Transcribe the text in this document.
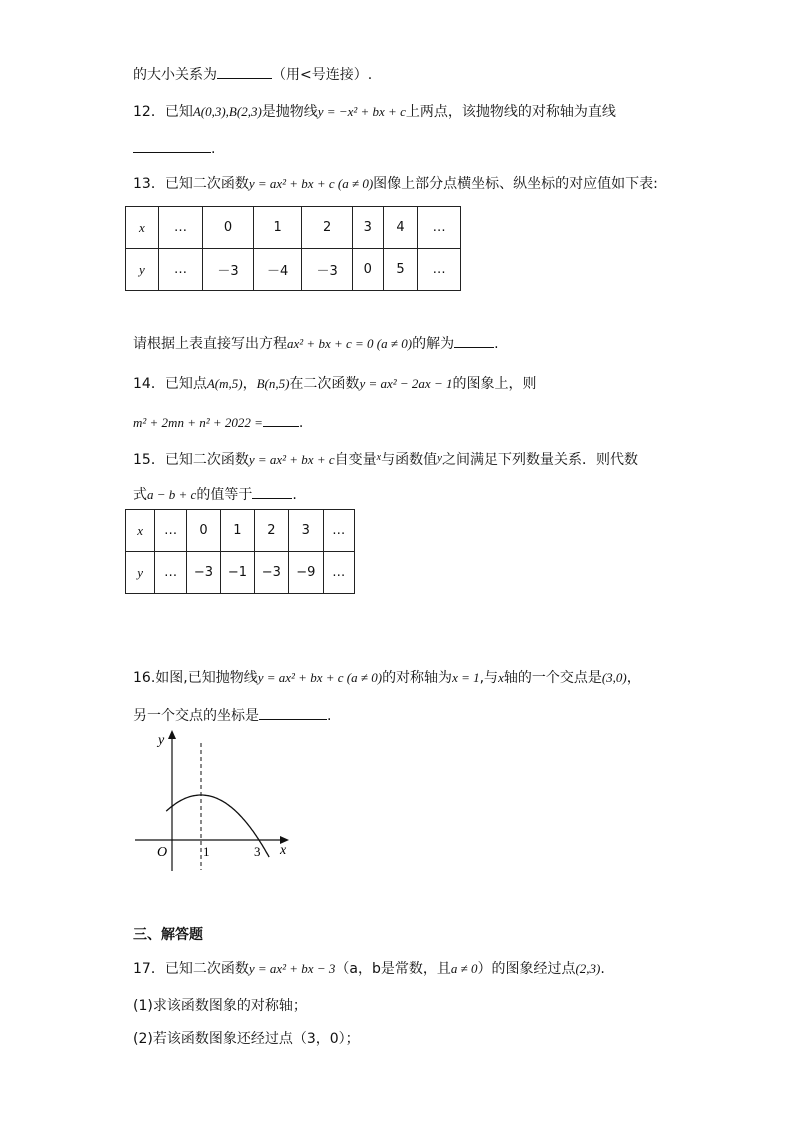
的大小关系为	（用<号连接）.
12．已知A(0,3),B(2,3)是抛物线y = −x² + bx + c上两点，该抛物线的对称轴为直线
.
13．已知二次函数y = ax² + bx + c (a ≠ 0)图像上部分点横坐标、纵坐标的对应值如下表:
x	…	0	1	2	3	4	…
y	…	－3	－4	－3	0	5	…
请根据上表直接写出方程ax² + bx + c = 0 (a ≠ 0)的解为	.
14．已知点A(m,5)，B(n,5)在二次函数y = ax² − 2ax − 1的图象上，则
m² + 2mn + n² + 2022 =	.
15．已知二次函数y = ax² + bx + c自变量$^x$与函数值$^y$之间满足下列数量关系．则代数
式a − b + c的值等于	.
x	…	0	1	2	3	…
y	…	−3	−1	−3	−9	…
16.如图,已知抛物线y = ax² + bx + c (a ≠ 0)的对称轴为x = 1,与x轴的一个交点是(3,0)，
另一个交点的坐标是	.
y
x
O	1	3
三、解答题
17．已知二次函数y = ax² + bx − 3（a，b是常数，且a ≠ 0）的图象经过点(2,3).
(1)求该函数图象的对称轴；
(2)若该函数图象还经过点（3，0）；
